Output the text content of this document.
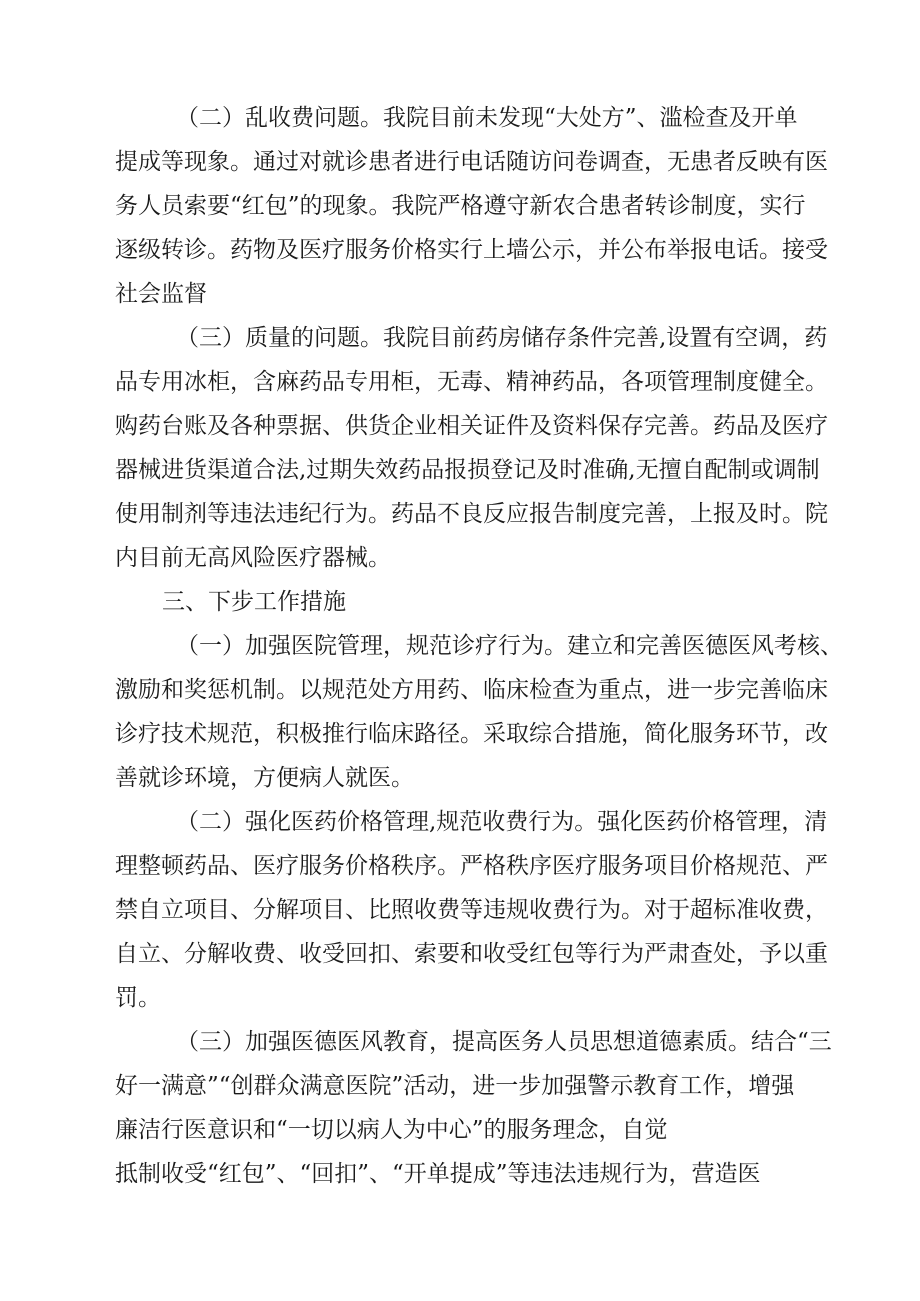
（二）乱收费问题。我院目前未发现“大处方”、滥检查及开单
提成等现象。通过对就诊患者进行电话随访问卷调查，无患者反映有医
务人员索要“红包”的现象。我院严格遵守新农合患者转诊制度，实行
逐级转诊。药物及医疗服务价格实行上墙公示，并公布举报电话。接受
社会监督
（三）质量的问题。我院目前药房储存条件完善,设置有空调，药
品专用冰柜，含麻药品专用柜，无毒、精神药品，各项管理制度健全。
购药台账及各种票据、供货企业相关证件及资料保存完善。药品及医疗
器械进货渠道合法,过期失效药品报损登记及时准确,无擅自配制或调制
使用制剂等违法违纪行为。药品不良反应报告制度完善，上报及时。院
内目前无高风险医疗器械。
三、下步工作措施
（一）加强医院管理，规范诊疗行为。建立和完善医德医风考核、
激励和奖惩机制。以规范处方用药、临床检查为重点，进一步完善临床
诊疗技术规范，积极推行临床路径。采取综合措施，简化服务环节，改
善就诊环境，方便病人就医。
（二）强化医药价格管理,规范收费行为。强化医药价格管理，清
理整顿药品、医疗服务价格秩序。严格秩序医疗服务项目价格规范、严
禁自立项目、分解项目、比照收费等违规收费行为。对于超标准收费，
自立、分解收费、收受回扣、索要和收受红包等行为严肃查处，予以重
罚。
（三）加强医德医风教育，提高医务人员思想道德素质。结合“三
好一满意”“创群众满意医院”活动，进一步加强警示教育工作，增强
廉洁行医意识和“一切以病人为中心”的服务理念，自觉
抵制收受“红包”、“回扣”、“开单提成”等违法违规行为，营造医
